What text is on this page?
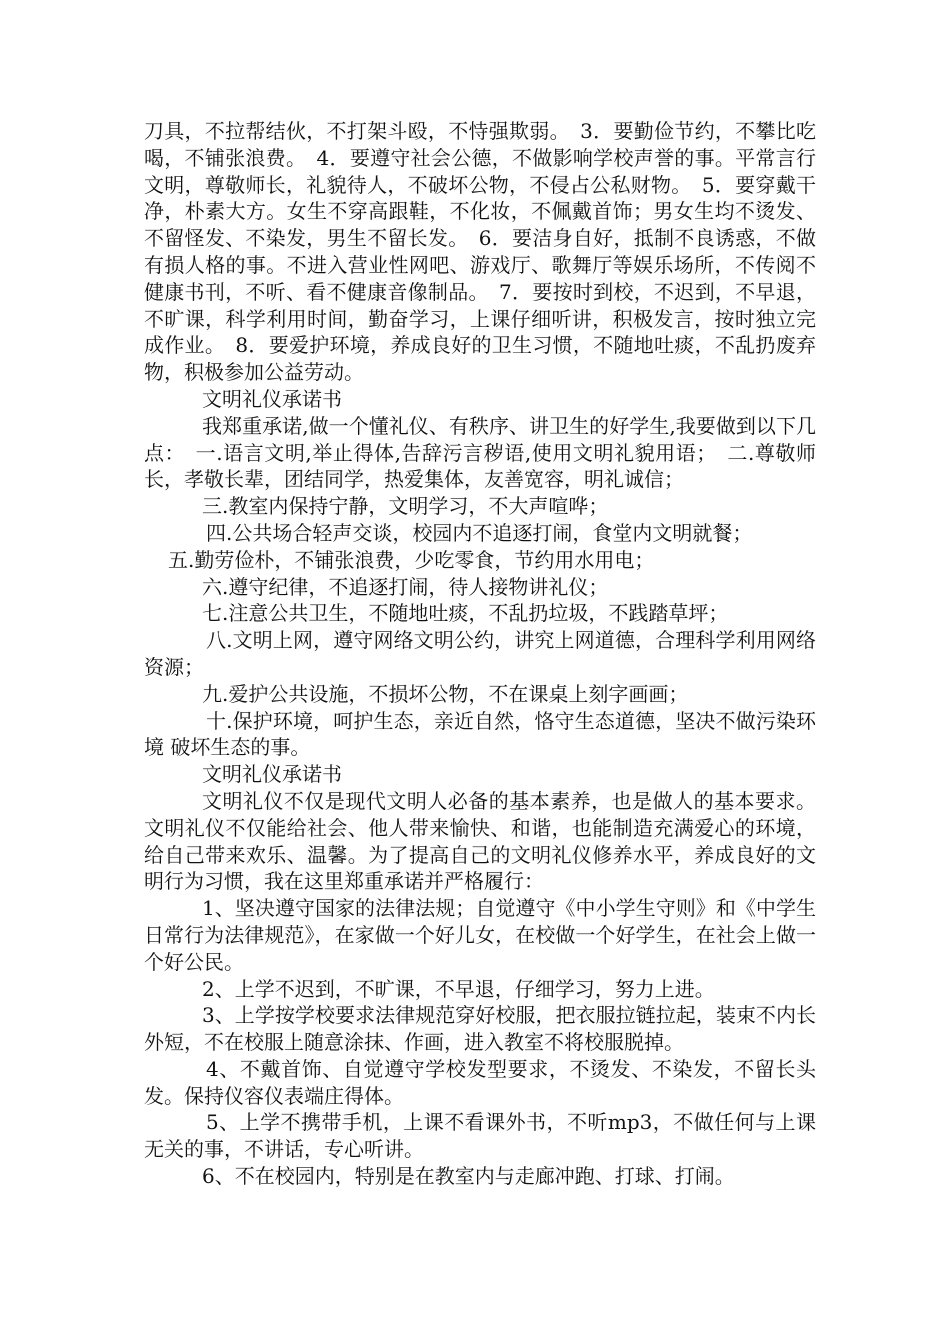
刀具，不拉帮结伙，不打架斗殴，不恃强欺弱。　3．要勤俭节约，不攀比吃喝，不铺张浪费。　4．要遵守社会公德，不做影响学校声誉的事。平常言行文明，尊敬师长，礼貌待人，不破坏公物，不侵占公私财物。　5．要穿戴干净，朴素大方。女生不穿高跟鞋，不化妆，不佩戴首饰；男女生均不烫发、不留怪发、不染发，男生不留长发。　6．要洁身自好，抵制不良诱惑，不做有损人格的事。不进入营业性网吧、游戏厅、歌舞厅等娱乐场所，不传阅不健康书刊，不听、看不健康音像制品。　7．要按时到校，不迟到，不早退，不旷课，科学利用时间，勤奋学习，上课仔细听讲，积极发言，按时独立完成作业。　8．要爱护环境，养成良好的卫生习惯，不随地吐痰，不乱扔废弃物，积极参加公益劳动。

文明礼仪承诺书

我郑重承诺,做一个懂礼仪、有秩序、讲卫生的好学生,我要做到以下几点：　一.语言文明,举止得体,告辞污言秽语,使用文明礼貌用语；　二.尊敬师长，孝敬长辈，团结同学，热爱集体，友善宽容，明礼诚信；

三.教室内保持宁静，文明学习，不大声喧哗；

四.公共场合轻声交谈，校园内不追逐打闹，食堂内文明就餐；

五.勤劳俭朴，不铺张浪费，少吃零食，节约用水用电；

六.遵守纪律，不追逐打闹，待人接物讲礼仪；

七.注意公共卫生，不随地吐痰，不乱扔垃圾，不践踏草坪；

八.文明上网，遵守网络文明公约，讲究上网道德，合理科学利用网络资源；

九.爱护公共设施，不损坏公物，不在课桌上刻字画画；

十.保护环境，呵护生态，亲近自然，恪守生态道德，坚决不做污染环境 破坏生态的事。

文明礼仪承诺书

文明礼仪不仅是现代文明人必备的基本素养，也是做人的基本要求。文明礼仪不仅能给社会、他人带来愉快、和谐，也能制造充满爱心的环境，给自己带来欢乐、温馨。为了提高自己的文明礼仪修养水平，养成良好的文明行为习惯，我在这里郑重承诺并严格履行：

1、坚决遵守国家的法律法规；自觉遵守《中小学生守则》和《中学生日常行为法律规范》，在家做一个好儿女，在校做一个好学生，在社会上做一个好公民。

2、上学不迟到，不旷课，不早退，仔细学习，努力上进。

3、上学按学校要求法律规范穿好校服，把衣服拉链拉起，装束不内长外短，不在校服上随意涂抹、作画，进入教室不将校服脱掉。

4、不戴首饰、自觉遵守学校发型要求，不烫发、不染发，不留长头发。保持仪容仪表端庄得体。

5、上学不携带手机，上课不看课外书，不听mp3，不做任何与上课无关的事，不讲话，专心听讲。

6、不在校园内，特别是在教室内与走廊冲跑、打球、打闹。
